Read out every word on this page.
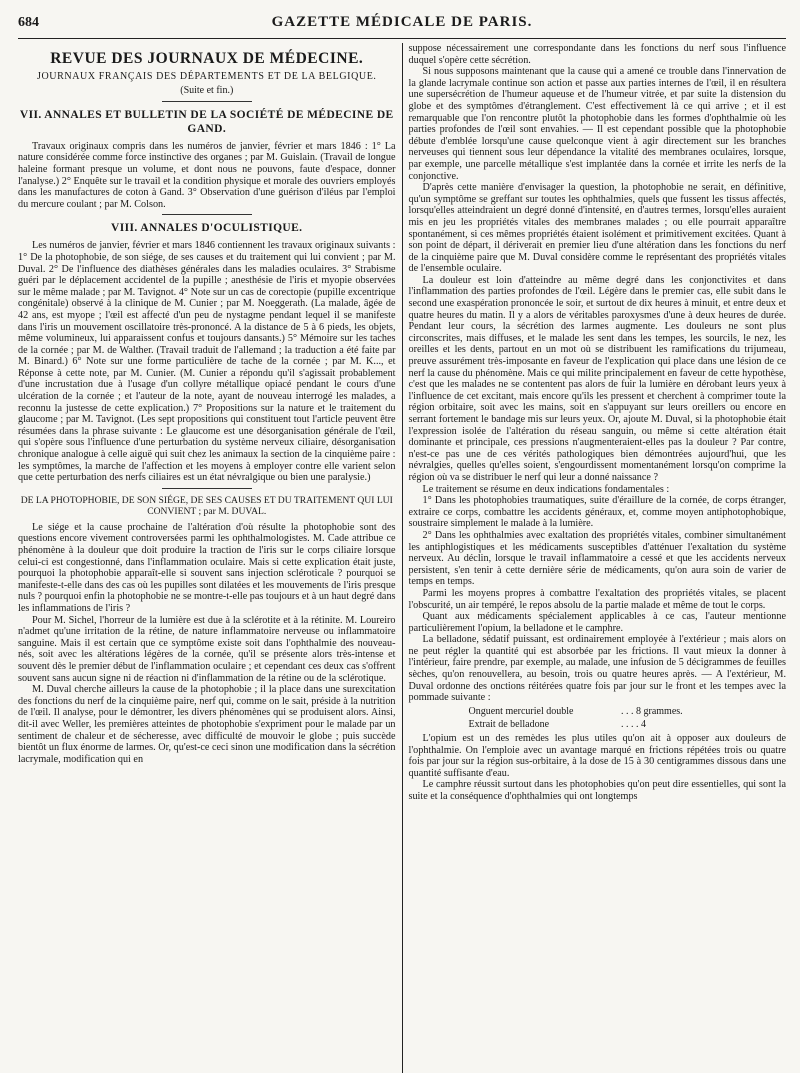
684	GAZETTE MÉDICALE DE PARIS.
REVUE DES JOURNAUX DE MÉDECINE.
JOURNAUX FRANÇAIS DES DÉPARTEMENTS ET DE LA BELGIQUE.
(Suite et fin.)
VII. ANNALES ET BULLETIN DE LA SOCIÉTÉ DE MÉDECINE DE GAND.

Travaux originaux compris dans les numéros de janvier, février et mars 1846 : 1° La nature considérée comme force instinctive des organes ; par M. Guislain. (Travail de longue haleine formant presque un volume, et dont nous ne pouvons, faute d'espace, donner l'analyse.) 2° Enquête sur le travail et la condition physique et morale des ouvriers employés dans les manufactures de coton à Gand. 3° Observation d'une guérison d'iléus par l'emploi du mercure coulant ; par M. Colson.

VIII. ANNALES D'OCULISTIQUE.

Les numéros de janvier, février et mars 1846 contiennent les travaux originaux suivants : 1° De la photophobie, de son siége, de ses causes et du traitement qui lui convient ; par M. Duval. 2° De l'influence des diathèses générales dans les maladies oculaires. 3° Strabisme guéri par le déplacement accidentel de la pupille ; anesthésie de l'iris et myopie observées sur le même malade ; par M. Tavignot. 4° Note sur un cas de corectopie (pupille excentrique congénitale) observé à la clinique de M. Cunier ; par M. Noeggerath. (La malade, âgée de 42 ans, est myope ; l'œil est affecté d'un peu de nystagme pendant lequel il se manifeste dans l'iris un mouvement oscillatoire très-prononcé. A la distance de 5 à 6 pieds, les objets, même volumineux, lui apparaissent confus et toujours dansants.) 5° Mémoire sur les taches de la cornée ; par M. de Walther. (Travail traduit de l'allemand ; la traduction a été faite par M. Binard.) 6° Note sur une forme particulière de tache de la cornée ; par M. K..., et Réponse à cette note, par M. Cunier. (M. Cunier a répondu qu'il s'agissait probablement d'une incrustation due à l'usage d'un collyre métallique opiacé pendant le cours d'une ulcération de la cornée ; et l'auteur de la note, ayant de nouveau interrogé les malades, a reconnu la justesse de cette explication.) 7° Propositions sur la nature et le traitement du glaucome ; par M. Tavignot. (Les sept propositions qui constituent tout l'article peuvent être résumées dans la phrase suivante : Le glaucome est une désorganisation générale de l'œil, qui s'opère sous l'influence d'une perturbation du système nerveux ciliaire, désorganisation chronique analogue à celle aiguë qui suit chez les animaux la section de la cinquième paire : les symptômes, la marche de l'affection et les moyens à employer contre elle varient selon que cette perturbation des nerfs ciliaires est un état névralgique ou bien une paralysie.)

DE LA PHOTOPHOBIE, DE SON SIÉGE, DE SES CAUSES ET DU TRAITEMENT QUI LUI CONVIENT ; par M. DUVAL.

Le siége et la cause prochaine de l'altération d'où résulte la photophobie sont des questions encore vivement controversées parmi les ophthalmologistes. M. Cade attribue ce phénomène à la douleur que doit produire la traction de l'iris sur le corps ciliaire lorsque celui-ci est congestionné, dans l'inflammation oculaire. Mais si cette explication était juste, pourquoi la photophobie apparaît-elle si souvent sans injection scléroticale ? pourquoi se manifeste-t-elle dans des cas où les pupilles sont dilatées et les mouvements de l'iris presque nuls ? pourquoi enfin la photophobie ne se montre-t-elle pas toujours et à un haut degré dans les inflammations de l'iris ?

Pour M. Sichel, l'horreur de la lumière est due à la sclérotite et à la rétinite. M. Loureiro n'admet qu'une irritation de la rétine, de nature inflammatoire nerveuse ou inflammatoire sanguine. Mais il est certain que ce symptôme existe soit dans l'ophthalmie des nouveau-nés, soit avec les altérations légères de la cornée, qu'il se présente alors très-intense et souvent dès le premier début de l'inflammation oculaire ; et cependant ces deux cas s'offrent souvent sans aucun signe ni de réaction ni d'inflammation de la rétine ou de la sclérotique.

M. Duval cherche ailleurs la cause de la photophobie ; il la place dans une surexcitation des fonctions du nerf de la cinquième paire, nerf qui, comme on le sait, préside à la nutrition de l'œil. Il analyse, pour le démontrer, les divers phénomènes qui se produisent alors. Ainsi, dit-il avec Weller, les premières atteintes de photophobie s'expriment pour le malade par un sentiment de chaleur et de sécheresse, avec difficulté de mouvoir le globe ; puis succède bientôt un flux énorme de larmes. Or, qu'est-ce ceci sinon une modification dans la sécrétion lacrymale, modification qui en

suppose nécessairement une correspondante dans les fonctions du nerf sous l'influence duquel s'opère cette sécrétion.

Si nous supposons maintenant que la cause qui a amené ce trouble dans l'innervation de la glande lacrymale continue son action et passe aux parties internes de l'œil, il en résultera une supersécrétion de l'humeur aqueuse et de l'humeur vitrée, et par suite la distension du globe et des symptômes d'étranglement. C'est effectivement là ce qui arrive ; et il est remarquable que l'on rencontre plutôt la photophobie dans les formes d'ophthalmie où les parties profondes de l'œil sont envahies. — Il est cependant possible que la photophobie débute d'emblée lorsqu'une cause quelconque vient à agir directement sur les branches nerveuses qui tiennent sous leur dépendance la vitalité des membranes oculaires, lorsque, par exemple, une parcelle métallique s'est implantée dans la cornée et irrite les nerfs de la conjonctive.

D'après cette manière d'envisager la question, la photophobie ne serait, en définitive, qu'un symptôme se greffant sur toutes les ophthalmies, quels que fussent les tissus affectés, lorsqu'elles atteindraient un degré donné d'intensité, en d'autres termes, lorsqu'elles auraient mis en jeu les propriétés vitales des membranes malades ; ou elle pourrait apparaître spontanément, si ces mêmes propriétés étaient isolément et primitivement excitées. Quant à son point de départ, il dériverait en premier lieu d'une altération dans les fonctions du nerf de la cinquième paire que M. Duval considère comme le représentant des propriétés vitales de l'ensemble oculaire.

La douleur est loin d'atteindre au même degré dans les conjonctivites et dans l'inflammation des parties profondes de l'œil. Légère dans le premier cas, elle subit dans le second une exaspération prononcée le soir, et surtout de dix heures à minuit, et entre deux et quatre heures du matin. Il y a alors de véritables paroxysmes d'une à deux heures de durée. Pendant leur cours, la sécrétion des larmes augmente. Les douleurs ne sont plus circonscrites, mais diffuses, et le malade les sent dans les tempes, les sourcils, le nez, les oreilles et les dents, partout en un mot où se distribuent les ramifications du trijumeau, preuve assurément très-imposante en faveur de l'explication qui place dans une lésion de ce nerf la cause du phénomène. Mais ce qui milite principalement en faveur de cette hypothèse, c'est que les malades ne se contentent pas alors de fuir la lumière en dérobant leurs yeux à l'influence de cet excitant, mais encore qu'ils les pressent et cherchent à comprimer toute la région orbitaire, soit avec les mains, soit en s'appuyant sur leurs oreillers ou encore en serrant fortement le bandage mis sur leurs yeux. Or, ajoute M. Duval, si la photophobie était l'expression isolée de l'altération du réseau sanguin, ou même si cette altération était dominante et principale, ces pressions n'augmenteraient-elles pas la douleur ? Par contre, n'est-ce pas une de ces vérités pathologiques bien démontrées aujourd'hui, que les névralgies, quelles qu'elles soient, s'engourdissent momentanément lorsqu'on comprime la région où va se distribuer le nerf qui leur a donné naissance ?

Le traitement se résume en deux indications fondamentales :

1° Dans les photophobies traumatiques, suite d'éraillure de la cornée, de corps étranger, extraire ce corps, combattre les accidents généraux, et, comme moyen antiphotophobique, soustraire simplement le malade à la lumière.

2° Dans les ophthalmies avec exaltation des propriétés vitales, combiner simultanément les antiphlogistiques et les médicaments susceptibles d'atténuer l'exaltation du système nerveux. Au déclin, lorsque le travail inflammatoire a cessé et que les accidents nerveux persistent, s'en tenir à cette dernière série de médicaments, qu'on aura soin de varier de temps en temps.

Parmi les moyens propres à combattre l'exaltation des propriétés vitales, se placent l'obscurité, un air tempéré, le repos absolu de la partie malade et même de tout le corps.

Quant aux médicaments spécialement applicables à ce cas, l'auteur mentionne particulièrement l'opium, la belladone et le camphre.

La belladone, sédatif puissant, est ordinairement employée à l'extérieur ; mais alors on ne peut régler la quantité qui est absorbée par les frictions. Il vaut mieux la donner à l'intérieur, faire prendre, par exemple, au malade, une infusion de 5 décigrammes de feuilles sèches, qu'on renouvellera, au besoin, trois ou quatre heures après. — A l'extérieur, M. Duval ordonne des onctions réitérées quatre fois par jour sur le front et les tempes avec la pommade suivante :

Onguent mercuriel double	. . . 8 grammes.
Extrait de belladone	. . . . 4

L'opium est un des remèdes les plus utiles qu'on ait à opposer aux douleurs de l'ophthalmie. On l'emploie avec un avantage marqué en frictions répétées trois ou quatre fois par jour sur la région sus-orbitaire, à la dose de 15 à 30 centigrammes dissous dans une quantité suffisante d'eau.

Le camphre réussit surtout dans les photophobies qu'on peut dire essentielles, qui sont la suite et la conséquence d'ophthalmies qui ont longtemps
